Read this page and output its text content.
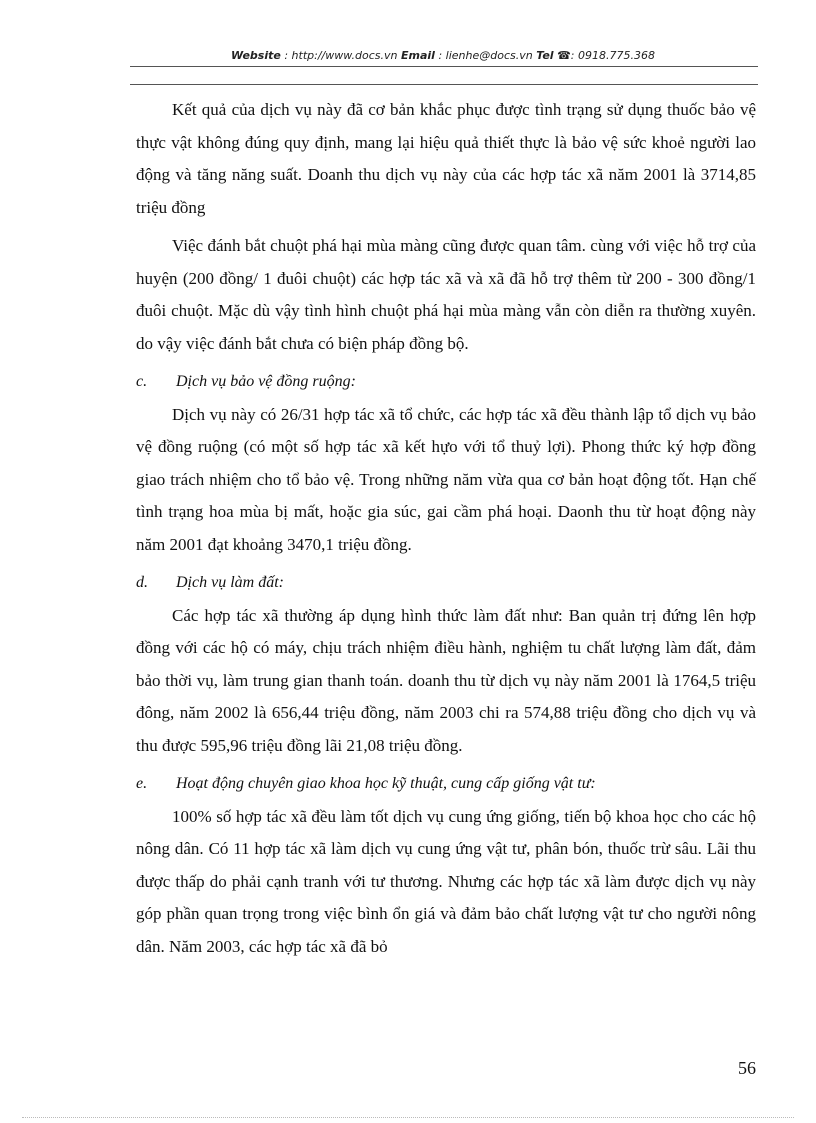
Website : http://www.docs.vn Email : lienhe@docs.vn Tel ☎: 0918.775.368

Kết quả của dịch vụ này đã cơ bản khắc phục được tình trạng sử dụng thuốc bảo vệ thực vật không đúng quy định, mang lại hiệu quả thiết thực là bảo vệ sức khoẻ người lao động và tăng năng suất. Doanh thu dịch vụ này của các hợp tác xã năm 2001 là 3714,85 triệu đồng

Việc đánh bắt chuột phá hại mùa màng cũng được quan tâm. cùng với việc hỗ trợ của huyện (200 đồng/ 1 đuôi chuột) các hợp tác xã và xã đã hỗ trợ thêm từ 200 - 300 đồng/1 đuôi chuột. Mặc dù vậy tình hình chuột phá hại mùa màng vẫn còn diễn ra thường xuyên. do vậy việc đánh bắt chưa có biện pháp đồng bộ.

c.	Dịch vụ bảo vệ đồng ruộng:

Dịch vụ này có 26/31 hợp tác xã tổ chức, các hợp tác xã đều thành lập tổ dịch vụ bảo vệ đồng ruộng (có một số hợp tác xã kết hựo với tổ thuỷ lợi). Phong thức ký hợp đồng giao trách nhiệm cho tổ bảo vệ. Trong những năm vừa qua cơ bản hoạt động tốt. Hạn chế tình trạng hoa mùa bị mất, hoặc gia súc, gai cầm phá hoại. Daonh thu từ hoạt động này năm 2001 đạt khoảng 3470,1 triệu đồng.

d.	Dịch vụ làm đất:

Các hợp tác xã thường áp dụng hình thức làm đất như: Ban quản trị đứng lên hợp đồng với các hộ có máy, chịu trách nhiệm điều hành, nghiệm tu chất lượng làm đất, đảm bảo thời vụ, làm trung gian thanh toán. doanh thu từ dịch vụ này năm 2001 là 1764,5 triệu đông, năm 2002 là 656,44 triệu đồng, năm 2003 chi ra 574,88 triệu đồng cho dịch vụ và thu được 595,96 triệu đồng lãi 21,08 triệu đồng.

e.	Hoạt động chuyên giao khoa học kỹ thuật, cung cấp giống vật tư:

100% số hợp tác xã đều làm tốt dịch vụ cung ứng giống, tiến bộ khoa học cho các hộ nông dân. Có 11 hợp tác xã làm dịch vụ cung ứng vật tư, phân bón, thuốc trừ sâu. Lãi thu được thấp do phải cạnh tranh với tư thương. Nhưng các hợp tác xã làm được dịch vụ này góp phần quan trọng trong việc bình ổn giá và đảm bảo chất lượng vật tư cho người nông dân. Năm 2003, các hợp tác xã đã bỏ

56
